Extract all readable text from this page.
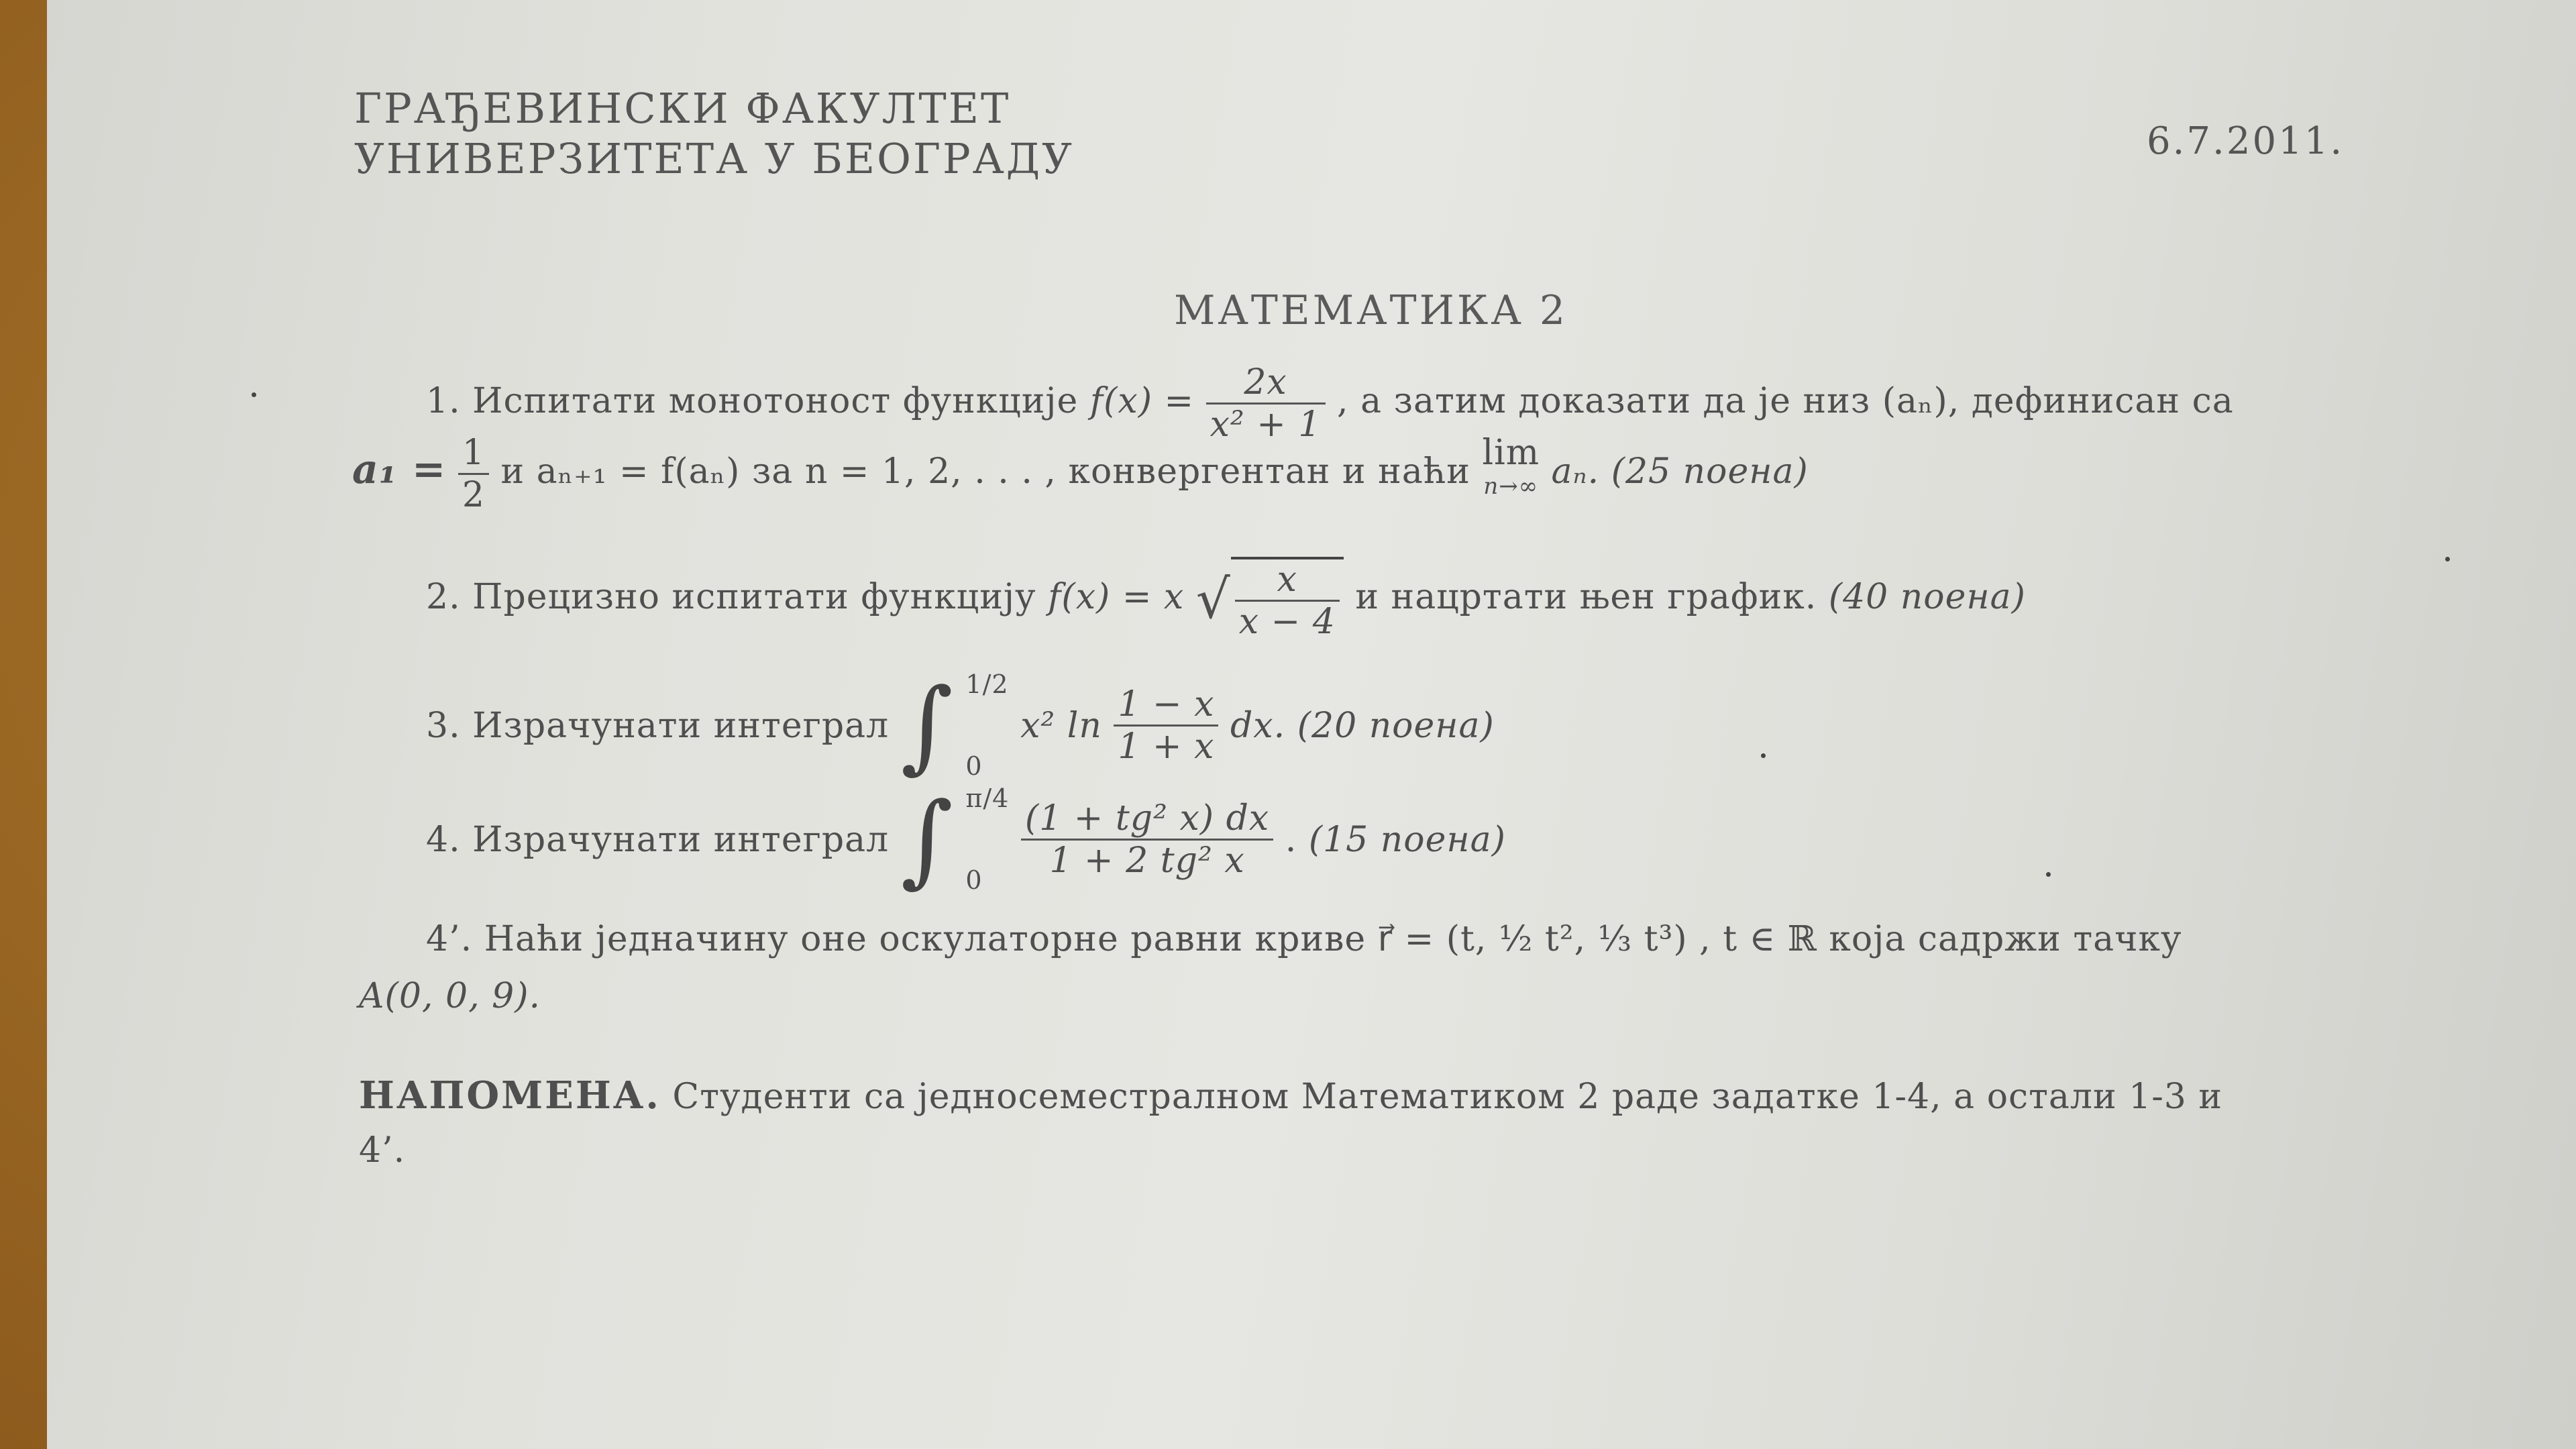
ГРАЂЕВИНСКИ ФАКУЛТЕТ
УНИВЕРЗИТЕТА У БЕОГРАДУ	6.7.2011.
МАТЕМАТИКА 2
1. Испитати монотоност функције $f(x) = \frac{2x}{\text{x² + 1}}$ , а затим доказати да је низ (aₙ), дефинисан са
$a_1 = \frac{1}{2}$ и aₙ₊₁ = f(aₙ) за n = 1, 2, . . . , конвергентан и наћи lim
n→∞ aₙ. (25 поена)
2. Прецизно испитати функцију f(x) = x √ $\frac{x}{x - 4}$ и нацртати њен график. (40 поена)
3. Израчунати интеграл ∫ 1/2
0
x² $\ln \frac{1 - x}{1 + x}$ dx. (20 поена)
4. Израчунати интеграл ∫ π/4
0
	$\frac{\text{(1 + tg² x) dx}}{\text{1 + 2 tg² x}}$ . (15 поена)
4’. Наћи једначину оне оскулаторне равни криве r⃗ = (t, ½ t², ⅓ t³) , t ∈ ℝ која садржи тачку
A(0, 0, 9).
НАПОМЕНА. Студенти са једносеместралном Математиком 2 раде задатке 1-4, а остали 1-3 и
4’.
